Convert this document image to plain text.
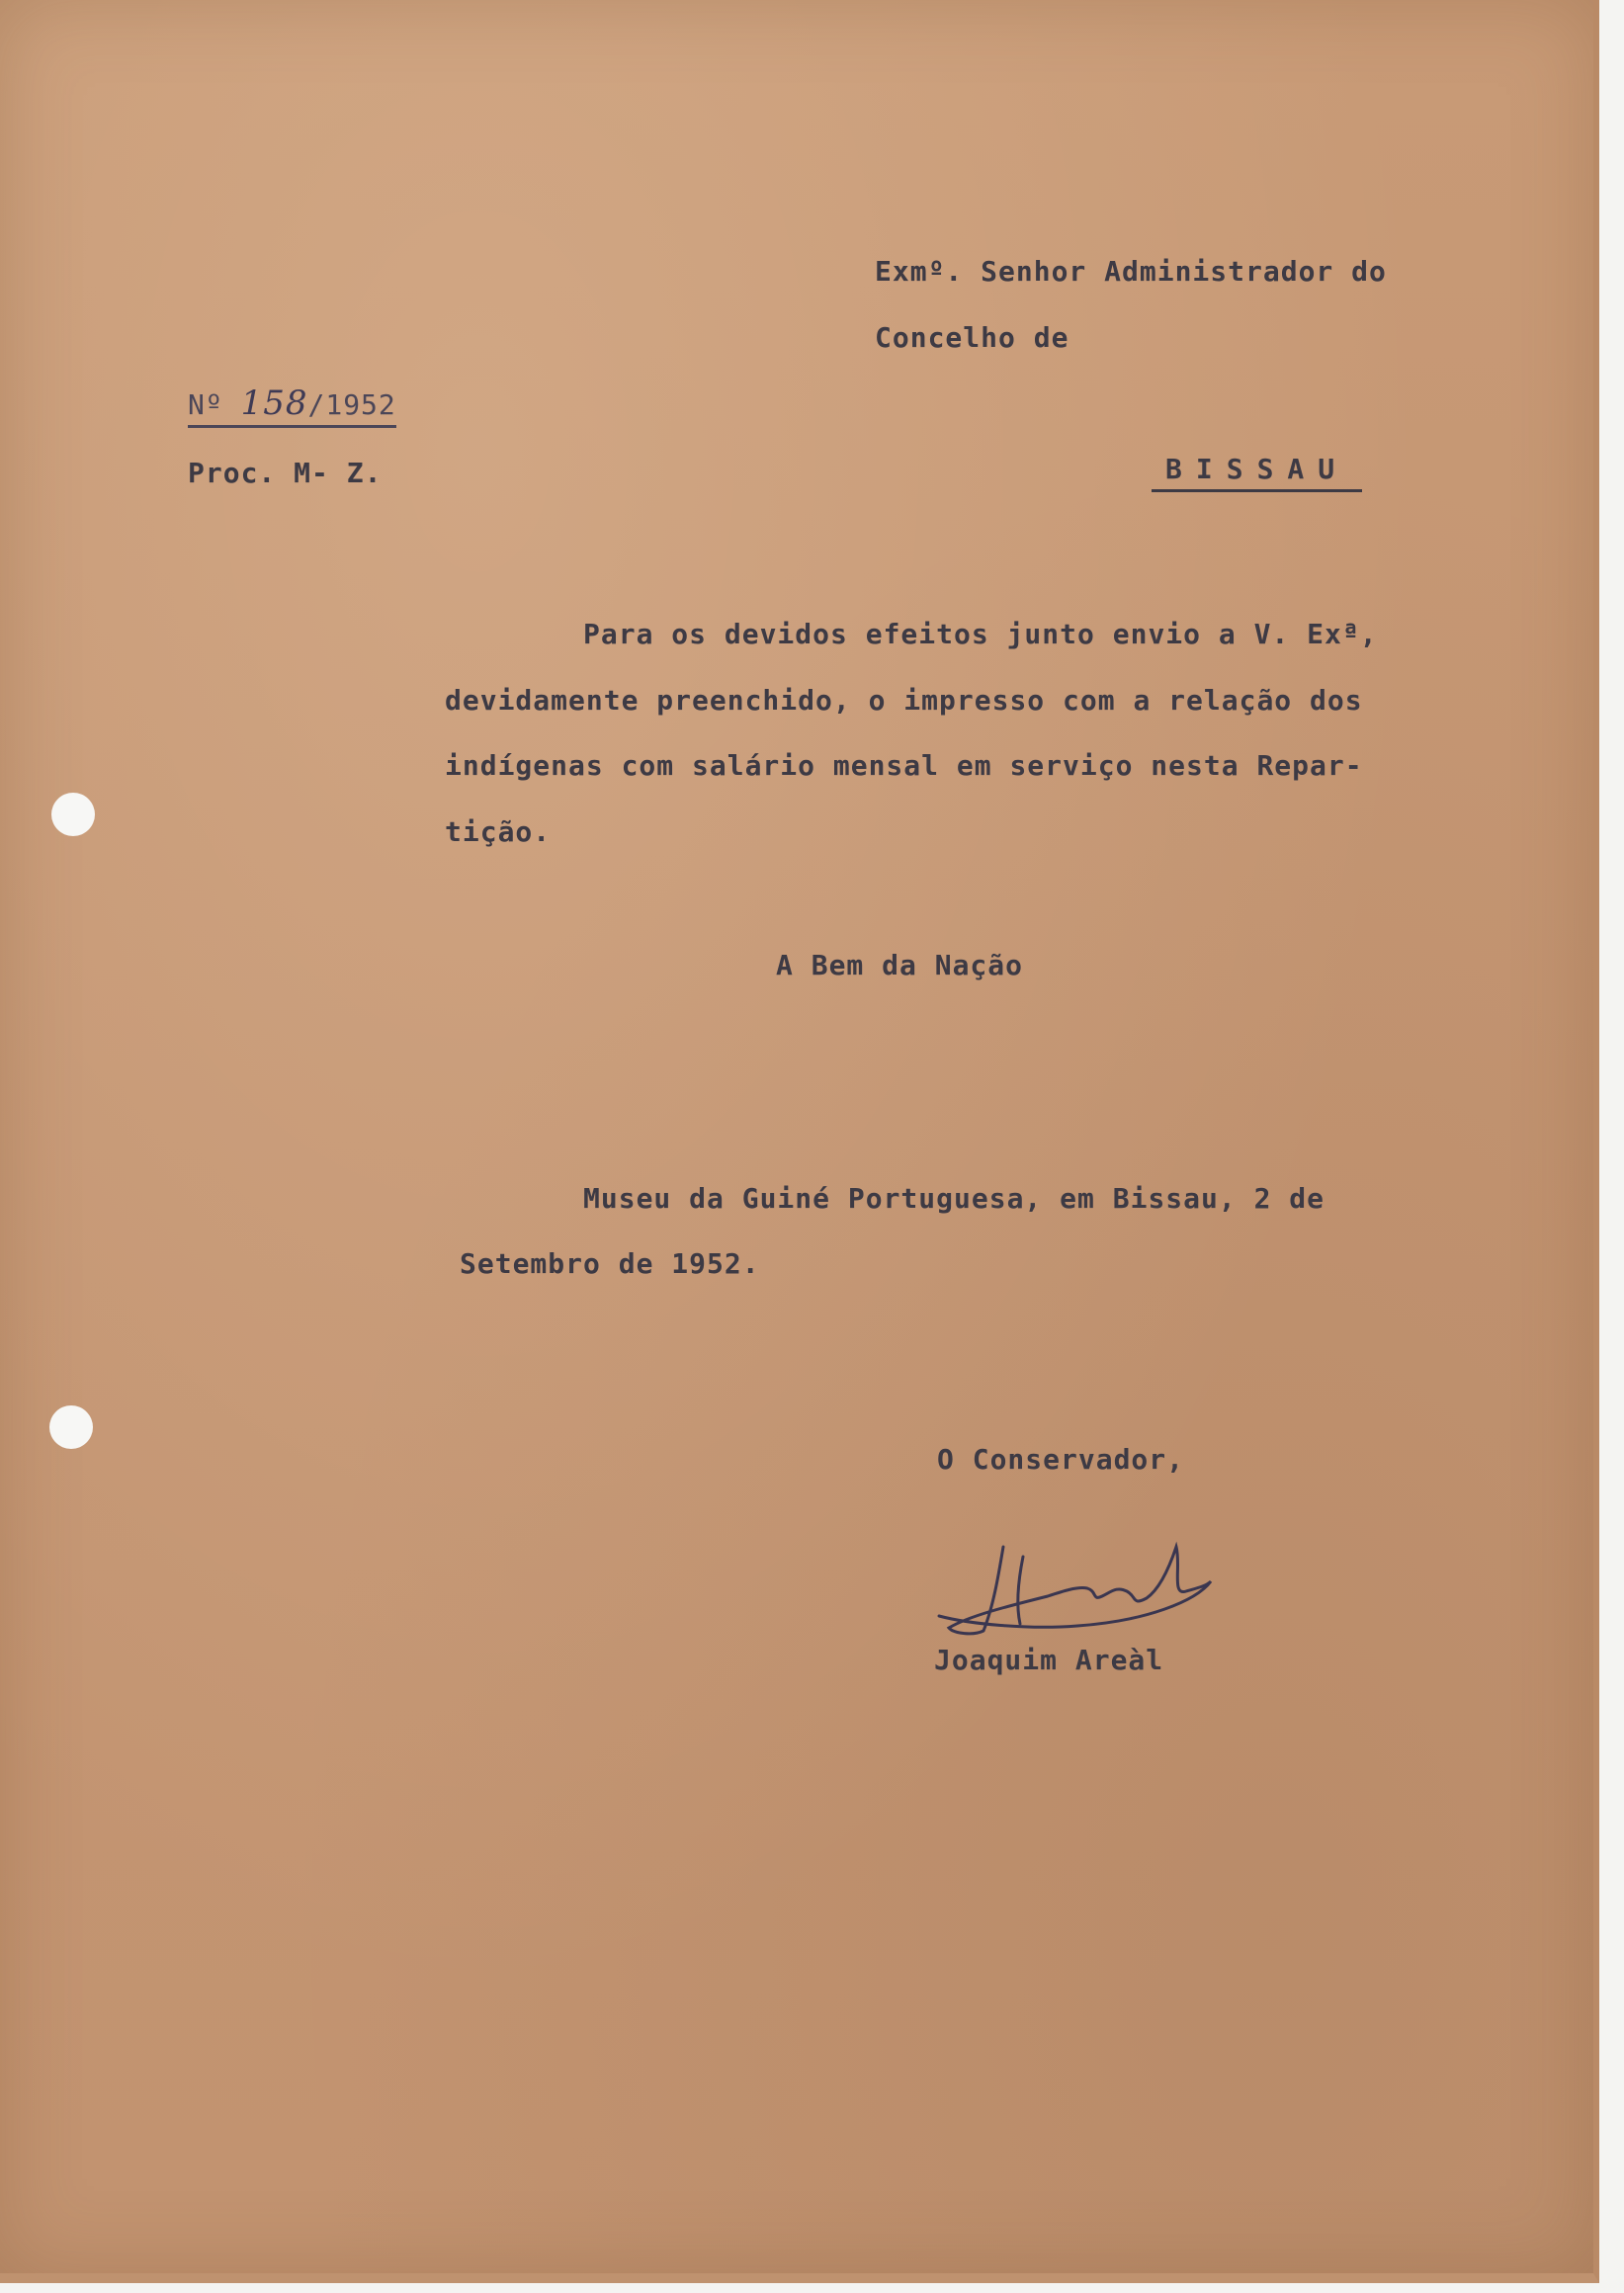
Exmº. Senhor Administrador do
Concelho de
BISSAU
Nº 158/1952
Proc. M- Z.
Para os devidos efeitos junto envio a V. Exª,
devidamente preenchido, o impresso com a relação dos
indígenas com salário mensal em serviço nesta Repar-
tição.
A Bem da Nação
Museu da Guiné Portuguesa, em Bissau, 2 de
Setembro de 1952.
O Conservador,
Joaquim Areàl
